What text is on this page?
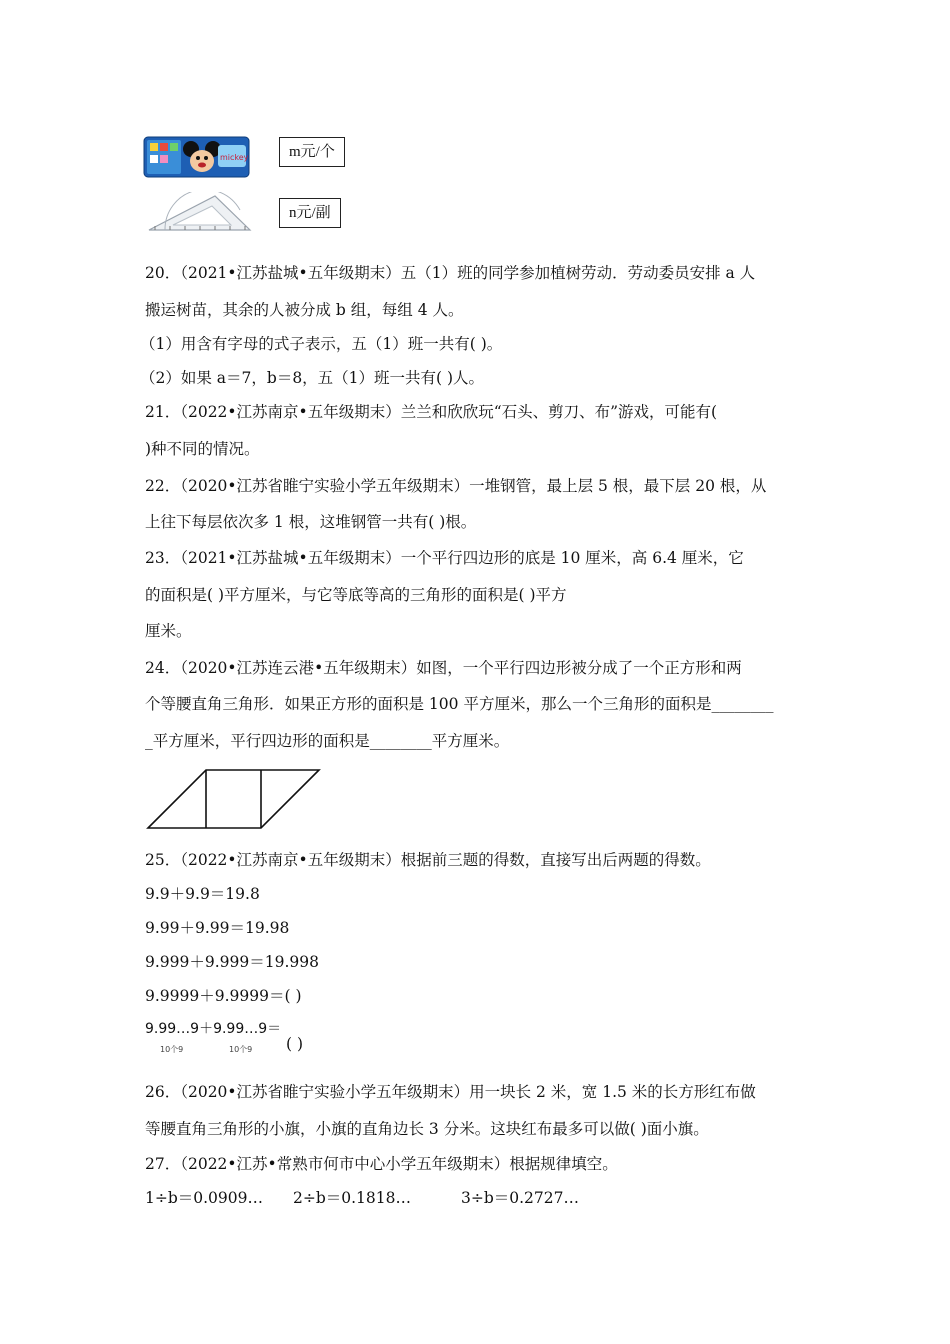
mickey	m元/个
n元/副
20．（2021•江苏盐城•五年级期末）五（1）班的同学参加植树劳动．劳动委员安排 a 人
搬运树苗，其余的人被分成 b 组，每组 4 人。
（1）用含有字母的式子表示，五（1）班一共有( )。
（2）如果 a＝7，b＝8，五（1）班一共有( )人。
21．（2022•江苏南京•五年级期末）兰兰和欣欣玩“石头、剪刀、布”游戏，可能有(
)种不同的情况。
22．（2020•江苏省睢宁实验小学五年级期末）一堆钢管，最上层 5 根，最下层 20 根，从
上往下每层依次多 1 根，这堆钢管一共有( )根。
23．（2021•江苏盐城•五年级期末）一个平行四边形的底是 10 厘米，高 6.4 厘米，它
的面积是( )平方厘米，与它等底等高的三角形的面积是( )平方
厘米。
24．（2020•江苏连云港•五年级期末）如图，一个平行四边形被分成了一个正方形和两
个等腰直角三角形．如果正方形的面积是 100 平方厘米，那么一个三角形的面积是________
_平方厘米，平行四边形的面积是________平方厘米。
25．（2022•江苏南京•五年级期末）根据前三题的得数，直接写出后两题的得数。
9.9＋9.9＝19.8
9.99＋9.99＝19.98
9.999＋9.999＝19.998
9.9999＋9.9999＝( )
9.99…9＋9.99…9＝
10个9	10个9 ( )
26．（2020•江苏省睢宁实验小学五年级期末）用一块长 2 米，宽 1.5 米的长方形红布做
等腰直角三角形的小旗，小旗的直角边长 3 分米。这块红布最多可以做( )面小旗。
27．（2022•江苏•常熟市何市中心小学五年级期末）根据规律填空。
1÷b＝0.0909… 2÷b＝0.1818…	3÷b＝0.2727…
